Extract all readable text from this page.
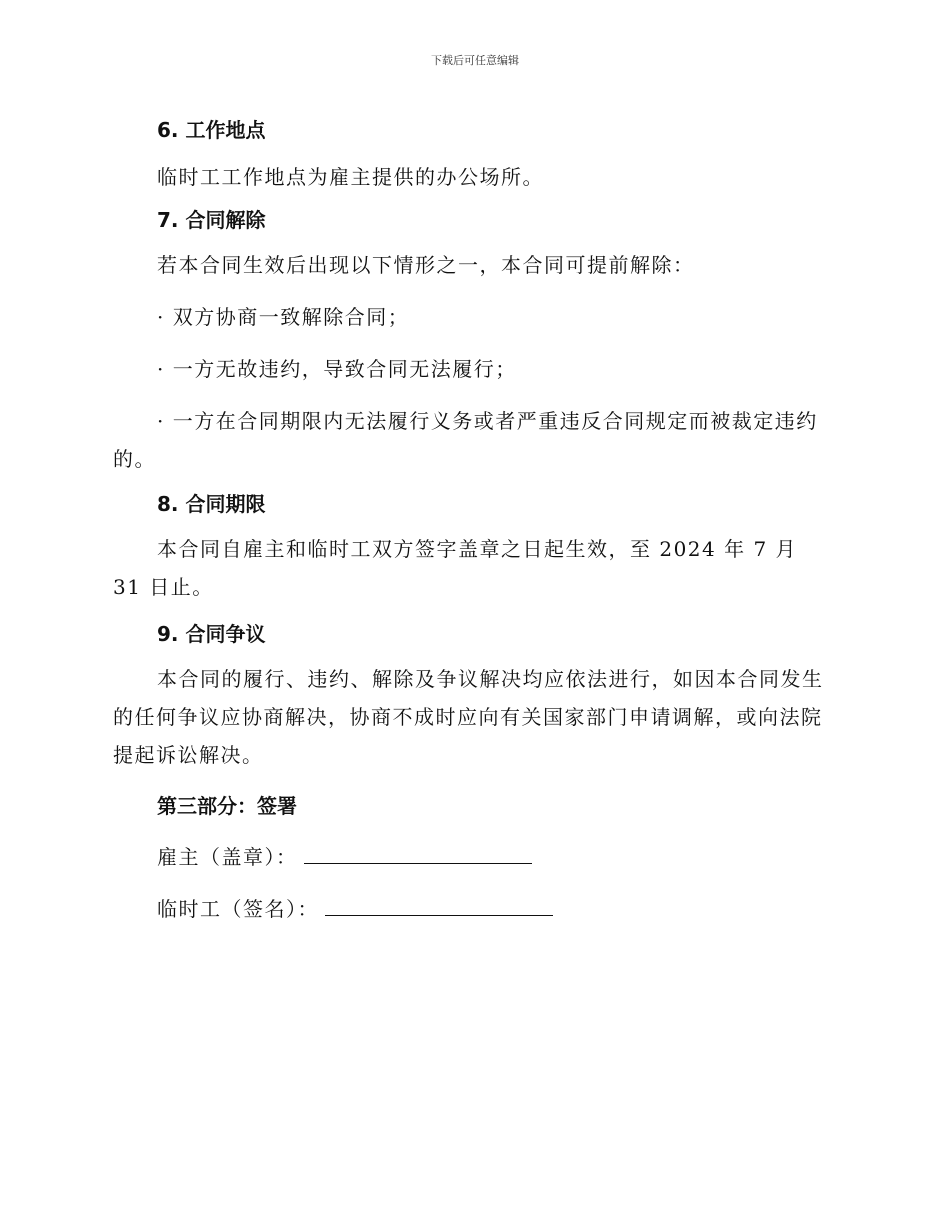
下载后可任意编辑

6. 工作地点

临时工工作地点为雇主提供的办公场所。

7. 合同解除

若本合同生效后出现以下情形之一，本合同可提前解除：

· 双方协商一致解除合同；

· 一方无故违约，导致合同无法履行；

· 一方在合同期限内无法履行义务或者严重违反合同规定而被裁定违约的。

8. 合同期限

本合同自雇主和临时工双方签字盖章之日起生效，至 2024 年 7 月 31 日止。

9. 合同争议

本合同的履行、违约、解除及争议解决均应依法进行，如因本合同发生的任何争议应协商解决，协商不成时应向有关国家部门申请调解，或向法院提起诉讼解决。

第三部分：签署

雇主（盖章）：

临时工（签名）：
